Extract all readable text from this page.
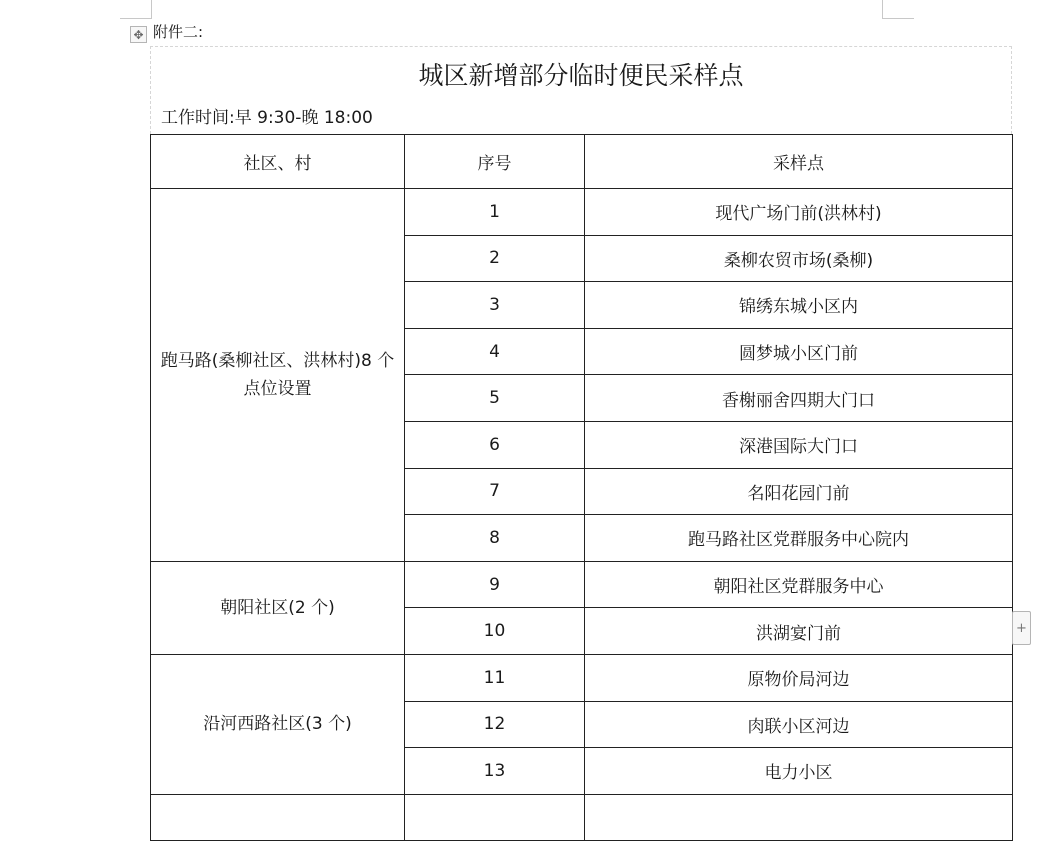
✥ 附件二:
城区新增部分临时便民采样点
工作时间:早 9:30-晚 18:00
社区、村	序号	采样点
跑马路(桑柳社区、洪林村)8 个点位设置	1	现代广场门前(洪林村)
	2	桑柳农贸市场(桑柳)
	3	锦绣东城小区内
	4	圆梦城小区门前
	5	香榭丽舍四期大门口
	6	深港国际大门口
	7	名阳花园门前
	8	跑马路社区党群服务中心院内
朝阳社区(2 个)	9	朝阳社区党群服务中心
	10	洪湖宴门前
沿河西路社区(3 个)	11	原物价局河边
	12	肉联小区河边
	13	电力小区

+
